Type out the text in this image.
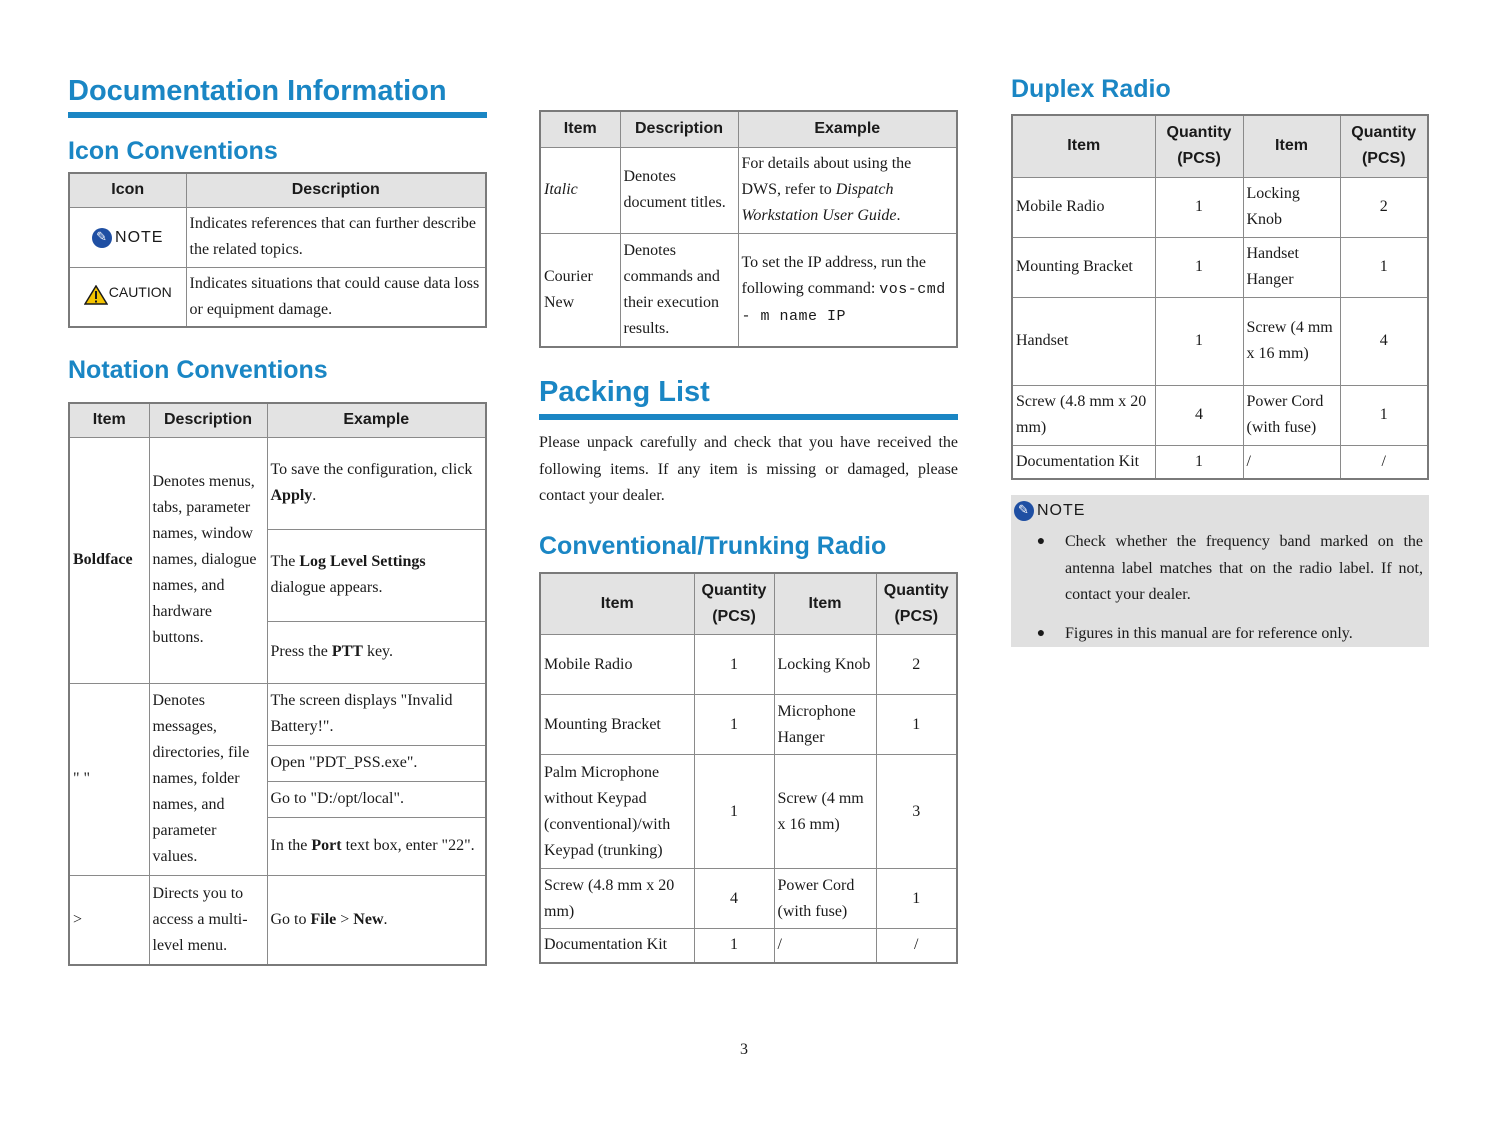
Documentation Information
Icon Conventions
Icon	Description

✎ NOTE	Indicates references that can further describe the related topics.

CAUTION	Indicates situations that could cause data loss or equipment damage.
Notation Conventions
Item	Description	Example
Boldface	Denotes menus, tabs, parameter names, window names, dialogue names, and hardware buttons.	To save the configuration, click Apply.
		The Log Level Settings dialogue appears.
		Press the PTT key.
" "	Denotes messages, directories, file names, folder names, and parameter values.	The screen displays "Invalid Battery!".
		Open "PDT_PSS.exe".
		Go to "D:/opt/local".
		In the Port text box, enter "22".
>	Directs you to access a multi-level menu.	Go to File > New.
Item	Description	Example
Italic	Denotes document titles.	For details about using the DWS, refer to Dispatch Workstation User Guide.
Courier New	Denotes commands and their execution results.	To set the IP address, run the following command: vos-cmd - m name IP
Packing List

Please unpack carefully and check that you have received the following items. If any item is missing or damaged, please contact your dealer.

Conventional/Trunking Radio
Item	Quantity (PCS)	Item	Quantity (PCS)
Mobile Radio	1	Locking Knob	2
Mounting Bracket	1	Microphone Hanger	1
Palm Microphone without Keypad (conventional)/with Keypad (trunking)	1	Screw (4 mm x 16 mm)	3
Screw (4.8 mm x 20 mm)	4	Power Cord (with fuse)	1
Documentation Kit	1	/	/
Duplex Radio
Item	Quantity (PCS)	Item	Quantity (PCS)
Mobile Radio	1	Locking Knob	2
Mounting Bracket	1	Handset Hanger	1
Handset	1	Screw (4 mm x 16 mm)	4
Screw (4.8 mm x 20 mm)	4	Power Cord (with fuse)	1
Documentation Kit	1	/	/
✎ NOTE
●	Check whether the frequency band marked on the antenna label matches that on the radio label. If not, contact your dealer.
●	Figures in this manual are for reference only.
3
